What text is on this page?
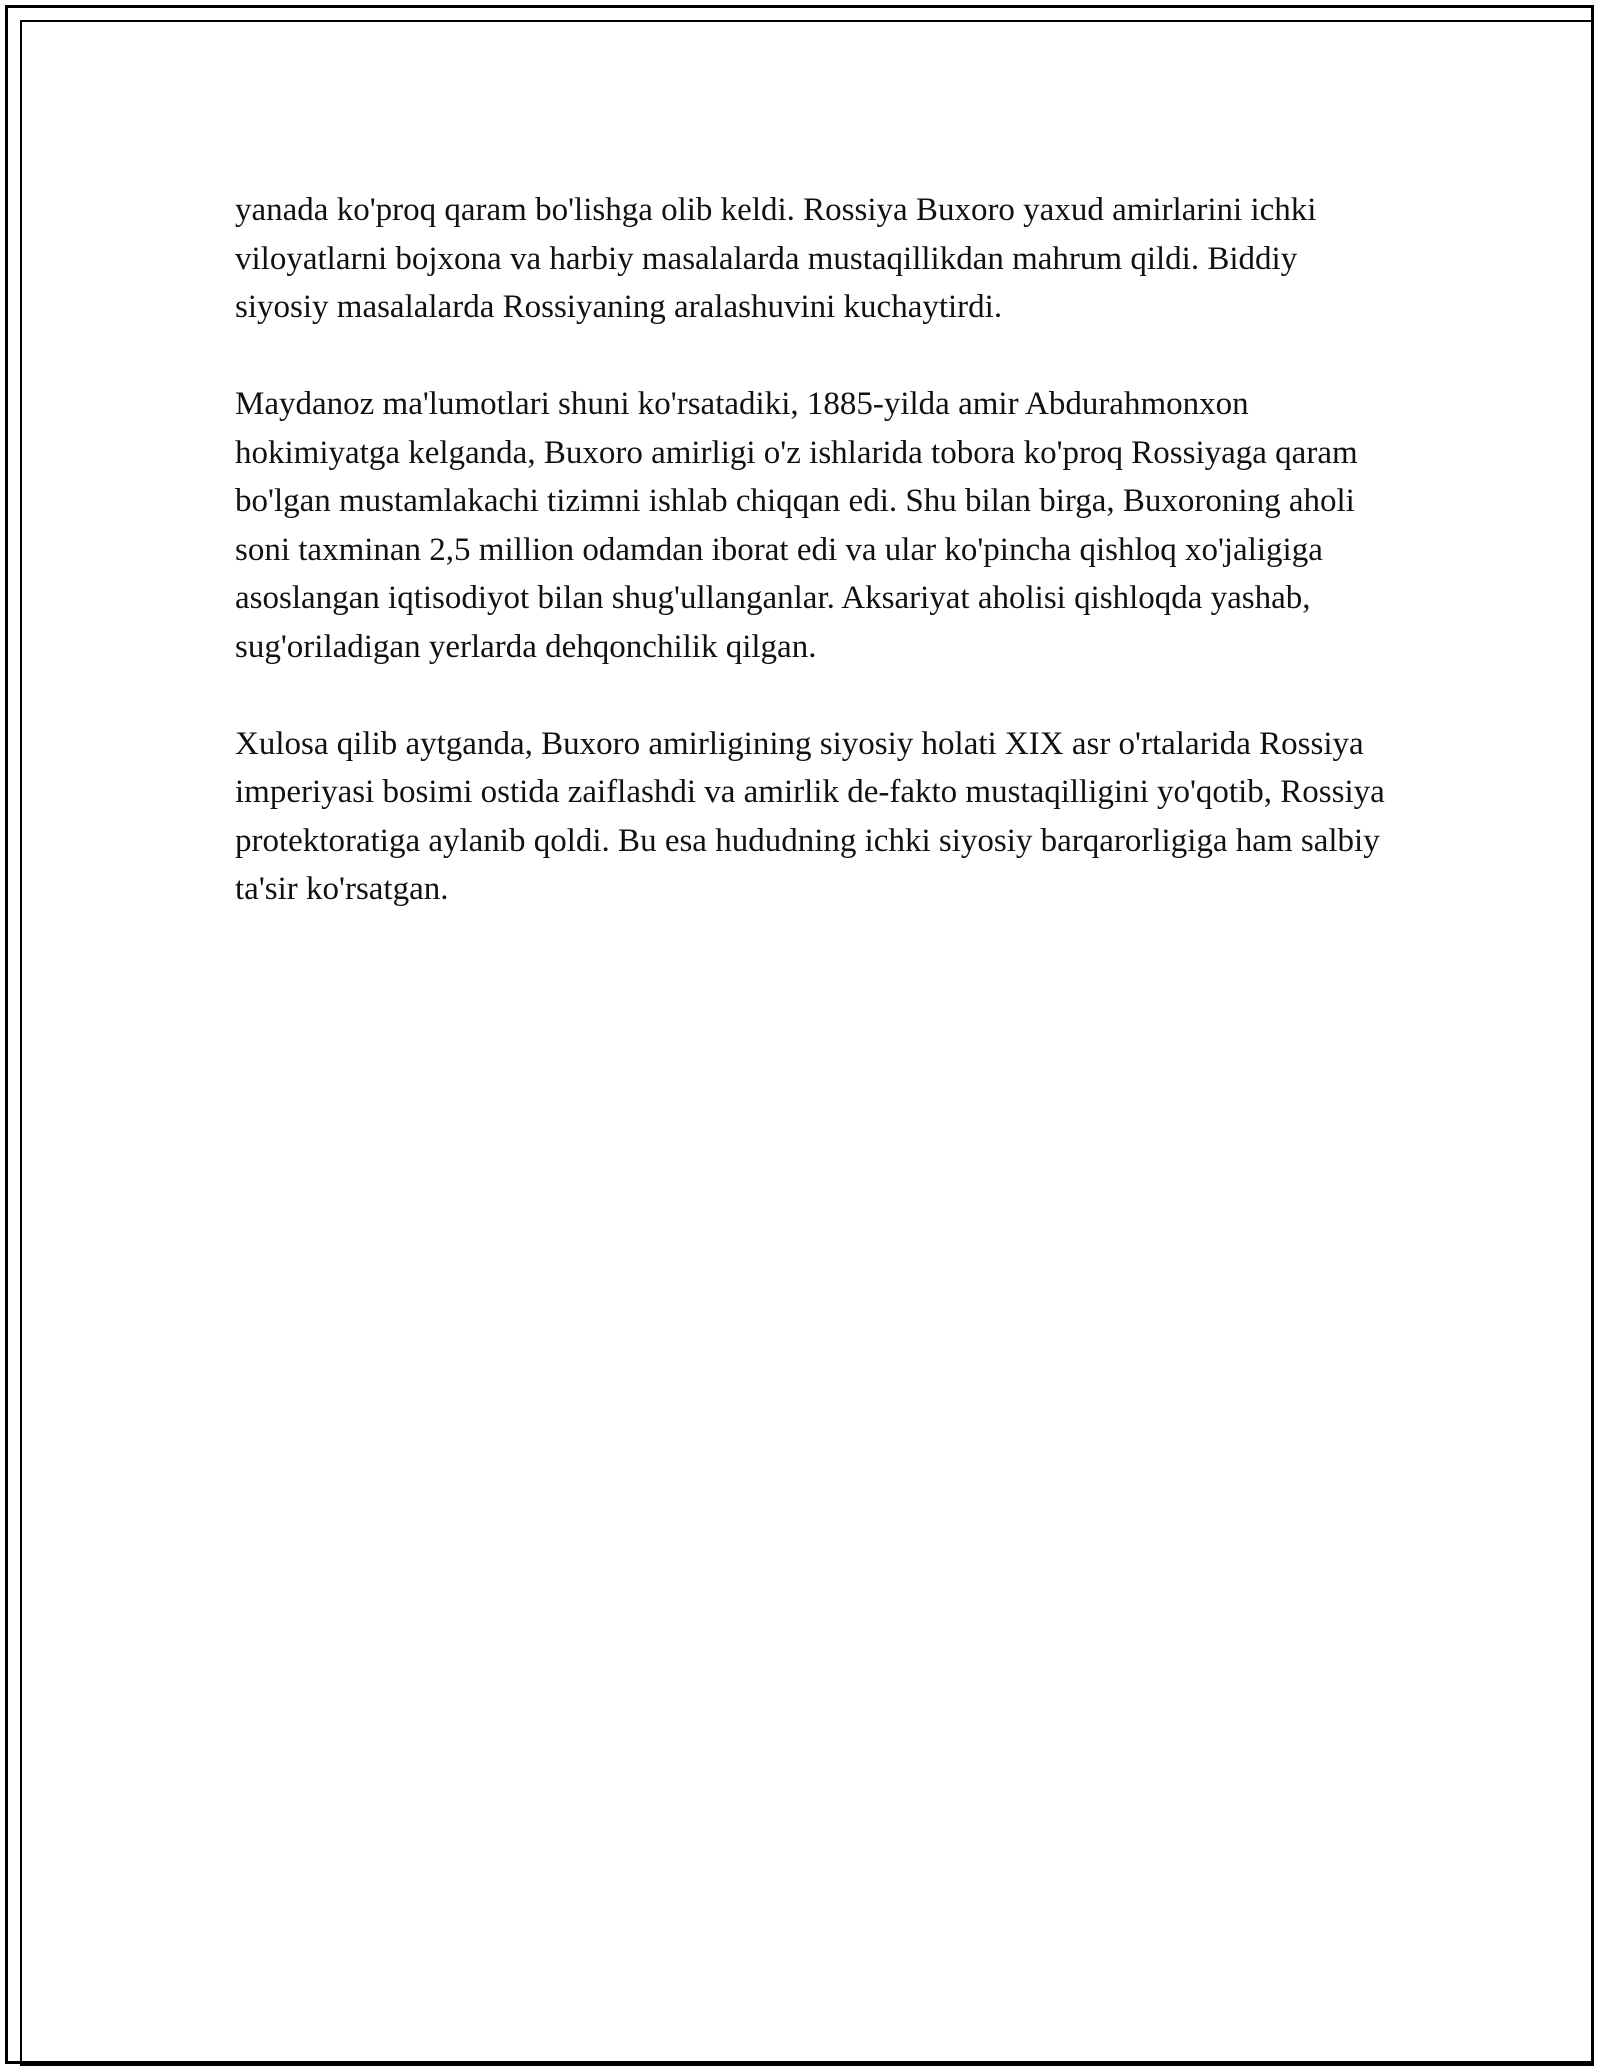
yanada ko'proq qaram bo'lishga olib keldi. Rossiya Buxoro yaxud amirlarini ichki viloyatlarni bojxona va harbiy masalalarda mustaqillikdan mahrum qildi. Biddiy siyosiy masalalarda Rossiyaning aralashuvini kuchaytirdi.

Maydanoz ma'lumotlari shuni ko'rsatadiki, 1885-yilda amir Abdurahmonxon hokimiyatga kelganda, Buxoro amirligi o'z ishlarida tobora ko'proq Rossiyaga qaram bo'lgan mustamlakachi tizimni ishlab chiqqan edi. Shu bilan birga, Buxoroning aholi soni taxminan 2,5 million odamdan iborat edi va ular ko'pincha qishloq xo'jaligiga asoslangan iqtisodiyot bilan shug'ullanganlar. Aksariyat aholisi qishloqda yashab, sug'oriladigan yerlarda dehqonchilik qilgan.

Xulosa qilib aytganda, Buxoro amirligining siyosiy holati XIX asr o'rtalarida Rossiya imperiyasi bosimi ostida zaiflashdi va amirlik de-fakto mustaqilligini yo'qotib, Rossiya protektoratiga aylanib qoldi. Bu esa hududning ichki siyosiy barqarorligiga ham salbiy ta'sir ko'rsatgan.
